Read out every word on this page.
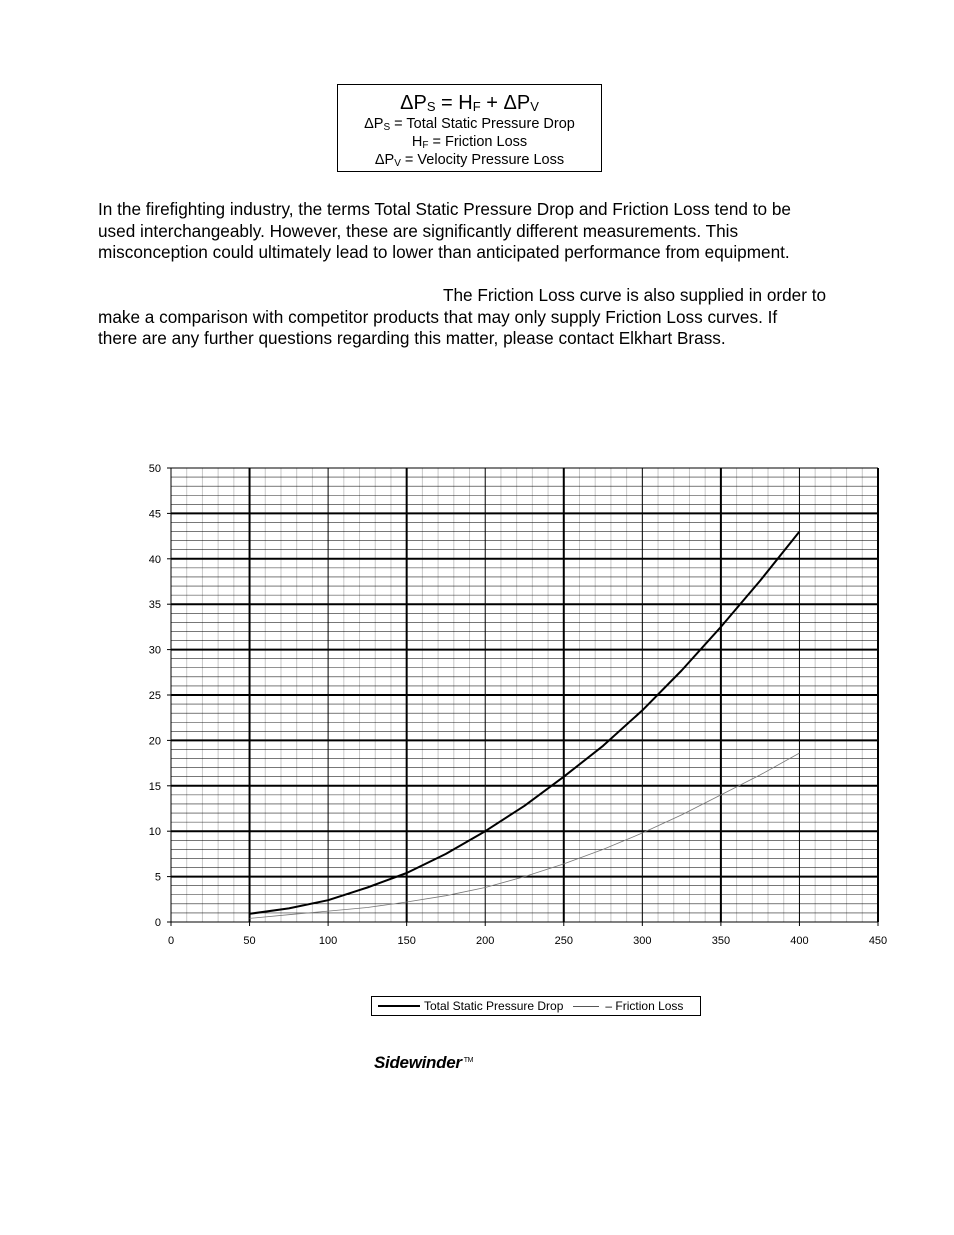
$\Delta P_S = H_F + \Delta P_V$
$\Delta P_S$ = Total Static Pressure Drop
$H_F$ = Friction Loss
$\Delta P_V$ = Velocity Pressure Loss

In the firefighting industry, the terms Total Static Pressure Drop and Friction Loss tend to be
used interchangeably. However, these are significantly different measurements. This
misconception could ultimately lead to lower than anticipated performance from equipment.

The Friction Loss curve is also supplied in order to
make a comparison with competitor products that may only supply Friction Loss curves. If
there are any further questions regarding this matter, please contact Elkhart Brass.

0	50	100	150	200	250	300	350	400	450
0
5
10
15
20
25
30
35
40
45
50
Total Static Pressure Drop	– Friction Loss
Sidewinder ™
